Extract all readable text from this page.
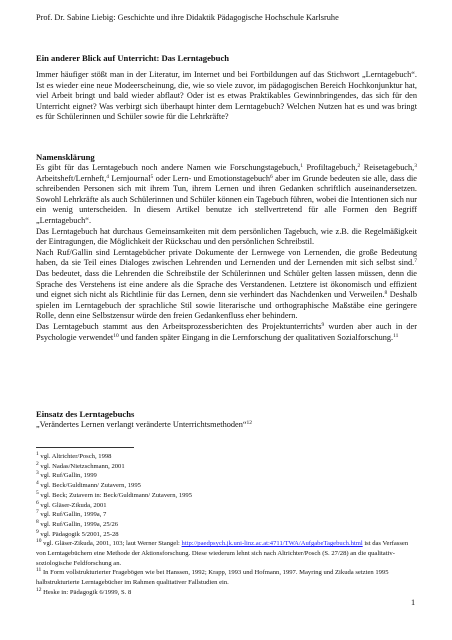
Prof. Dr. Sabine Liebig: Geschichte und ihre Didaktik Pädagogische Hochschule Karlsruhe
Ein anderer Blick auf Unterricht: Das Lerntagebuch

Immer häufiger stößt man in der Literatur, im Internet und bei Fortbildungen auf das Stichwort „Lerntagebuch“. Ist es wieder eine neue Modeerscheinung, die, wie so viele zuvor, im pädagogischen Bereich Hochkonjunktur hat, viel Arbeit bringt und bald wieder abflaut? Oder ist es etwas Praktikables Gewinnbringendes, das sich für den Unterricht eignet? Was verbirgt sich überhaupt hinter dem Lerntagebuch? Welchen Nutzen hat es und was bringt es für Schülerinnen und Schüler sowie für die Lehrkräfte?

Namensklärung

Es gibt für das Lerntagebuch noch andere Namen wie Forschungstagebuch,$^1$ Profiltagebuch,$^2$ Reisetagebuch,$^3$ Arbeitsheft/Lernheft,$^4$ Lernjournal$^5$ oder Lern- und Emotionstagebuch$^6$ aber im Grunde bedeuten sie alle, dass die schreibenden Personen sich mit ihrem Tun, ihrem Lernen und ihren Gedanken schriftlich auseinandersetzen. Sowohl Lehrkräfte als auch Schülerinnen und Schüler können ein Tagebuch führen, wobei die Intentionen sich nur ein wenig unterscheiden. In diesem Artikel benutze ich stellvertretend für alle Formen den Begriff „Lerntagebuch“.

Das Lerntagebuch hat durchaus Gemeinsamkeiten mit dem persönlichen Tagebuch, wie z.B. die Regelmäßigkeit der Eintragungen, die Möglichkeit der Rückschau und den persönlichen Schreibstil.

Nach Ruf/Gallin sind Lerntagebücher private Dokumente der Lernwege von Lernenden, die große Bedeutung haben, da sie Teil eines Dialoges zwischen Lehrenden und Lernenden und der Lernenden mit sich selbst sind.$^7$ Das bedeutet, dass die Lehrenden die Schreibstile der Schülerinnen und Schüler gelten lassen müssen, denn die Sprache des Verstehens ist eine andere als die Sprache des Verstandenen. Letztere ist ökonomisch und effizient und eignet sich nicht als Richtlinie für das Lernen, denn sie verhindert das Nachdenken und Verweilen.$^8$ Deshalb spielen im Lerntagebuch der sprachliche Stil sowie literarische und orthographische Maßstäbe eine geringere Rolle, denn eine Selbstzensur würde den freien Gedankenfluss eher behindern.

Das Lerntagebuch stammt aus den Arbeitsprozessberichten des Projektunterrichts$^9$ wurden aber auch in der Psychologie verwendet$^{10}$ und fanden später Eingang in die Lernforschung der qualitativen Sozialforschung.$^{11}$

Einsatz des Lerntagebuchs

„Verändertes Lernen verlangt veränderte Unterrichtsmethoden“$^{12}$

$^1$ vgl. Altrichter/Posch, 1998
$^2$ vgl. Nadas/Nietzschmann, 2001
$^3$ vgl. Ruf/Gallin, 1999
$^4$ vgl. Beck/Guldimann/ Zutavern, 1995
$^5$ vgl. Beck; Zutavern in: Beck/Guldimann/ Zutavern, 1995
$^6$ vgl. Gläser-Zikuda, 2001
$^7$ vgl. Ruf/Gallin, 1999a, 7
$^8$ vgl. Ruf/Gallin, 1999a, 25/26
$^9$ vgl. Pädagogik 5/2001, 25-28
$^{10}$ vgl. Gläser-Zikuda, 2001, 103; laut Werner Stangel: http://paedpsych.jk.uni-linz.ac.at:4711/TWA/AufgabeTagebuch.html ist das Verfassen von Lerntagebüchern eine Methode der Aktionsforschung. Diese wiederum lehnt sich nach Altrichter/Posch (S. 27/28) an die qualitativ-soziologische Feldforschung an.
$^{11}$ In Form vollstrukturierter Fragebögen wie bei Hanssen, 1992; Krapp, 1993 und Hofmann, 1997. Mayring und Zikuda setzten 1995 halbstrukturierte Lerntagebücher im Rahmen qualitativer Fallstudien ein.
$^{12}$ Heske in: Pädagogik 6/1999, S. 8
1
